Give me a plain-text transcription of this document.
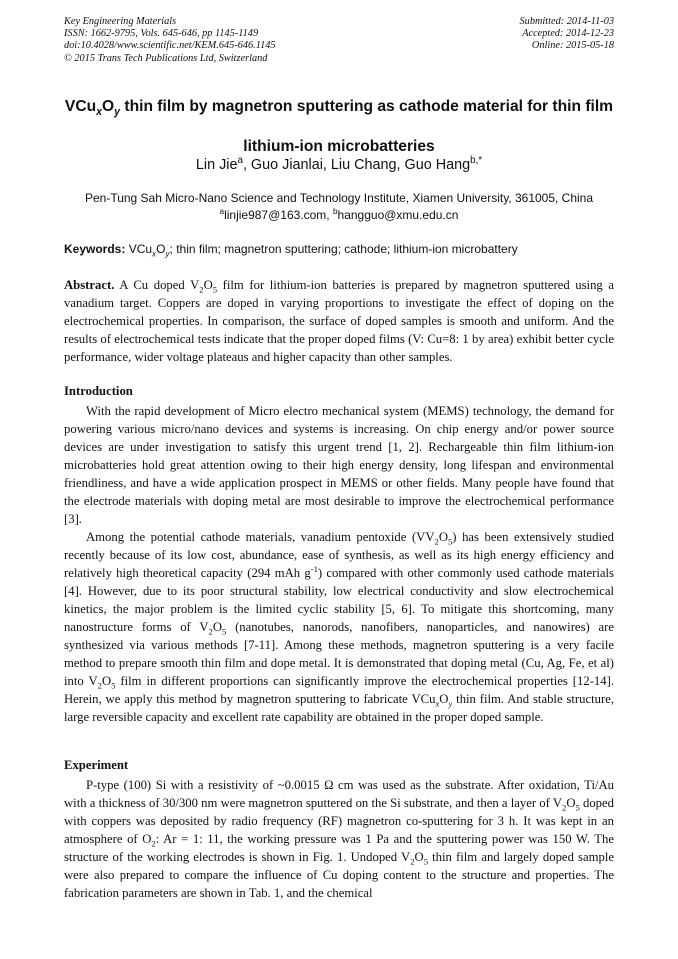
Key Engineering Materials
ISSN: 1662-9795, Vols. 645-646, pp 1145-1149
doi:10.4028/www.scientific.net/KEM.645-646.1145
© 2015 Trans Tech Publications Ltd, Switzerland
Submitted: 2014-11-03
Accepted: 2014-12-23
Online: 2015-05-18
$VCu_xO_y$ thin film by magnetron sputtering as cathode material for thin film lithium-ion microbatteries
Lin Jie$^a$, Guo Jianlai, Liu Chang, Guo Hang$^{b,*}$
Pen-Tung Sah Micro-Nano Science and Technology Institute, Xiamen University, 361005, China
$^a$linjie987@163.com, $^b$hangguo@xmu.edu.cn
Keywords: $VCu_xO_y$; thin film; magnetron sputtering; cathode; lithium-ion microbattery

Abstract. A Cu doped $V_2O_5$ film for lithium-ion batteries is prepared by magnetron sputtered using a vanadium target. Coppers are doped in varying proportions to investigate the effect of doping on the electrochemical properties. In comparison, the surface of doped samples is smooth and uniform. And the results of electrochemical tests indicate that the proper doped films (V: Cu=8: 1 by area) exhibit better cycle performance, wider voltage plateaus and higher capacity than other samples.

Introduction

With the rapid development of Micro electro mechanical system (MEMS) technology, the demand for powering various micro/nano devices and systems is increasing. On chip energy and/or power source devices are under investigation to satisfy this urgent trend [1, 2]. Rechargeable thin film lithium-ion microbatteries hold great attention owing to their high energy density, long lifespan and environmental friendliness, and have a wide application prospect in MEMS or other fields. Many people have found that the electrode materials with doping metal are most desirable to improve the electrochemical performance [3].

Among the potential cathode materials, vanadium pentoxide $(VV_2O_5)$ has been extensively studied recently because of its low cost, abundance, ease of synthesis, as well as its high energy efficiency and relatively high theoretical capacity (294 mAh $g^{-1}$) compared with other commonly used cathode materials [4]. However, due to its poor structural stability, low electrical conductivity and slow electrochemical kinetics, the major problem is the limited cyclic stability [5, 6]. To mitigate this shortcoming, many nanostructure forms of $V_2O_5$ (nanotubes, nanorods, nanofibers, nanoparticles, and nanowires) are synthesized via various methods [7-11]. Among these methods, magnetron sputtering is a very facile method to prepare smooth thin film and dope metal. It is demonstrated that doping metal (Cu, Ag, Fe, et al) into $V_2O_5$ film in different proportions can significantly improve the electrochemical properties [12-14]. Herein, we apply this method by magnetron sputtering to fabricate $VCu_xO_y$ thin film. And stable structure, large reversible capacity and excellent rate capability are obtained in the proper doped sample.

Experiment

P-type (100) Si with a resistivity of ~0.0015 Ω cm was used as the substrate. After oxidation, Ti/Au with a thickness of 30/300 nm were magnetron sputtered on the Si substrate, and then a layer of $V_2O_5$ doped with coppers was deposited by radio frequency (RF) magnetron co-sputtering for 3 h. It was kept in an atmosphere of $O_2$: Ar = 1: 11, the working pressure was 1 Pa and the sputtering power was 150 W. The structure of the working electrodes is shown in Fig. 1. Undoped $V_2O_5$ thin film and largely doped sample were also prepared to compare the influence of Cu doping content to the structure and properties. The fabrication parameters are shown in Tab. 1, and the chemical
